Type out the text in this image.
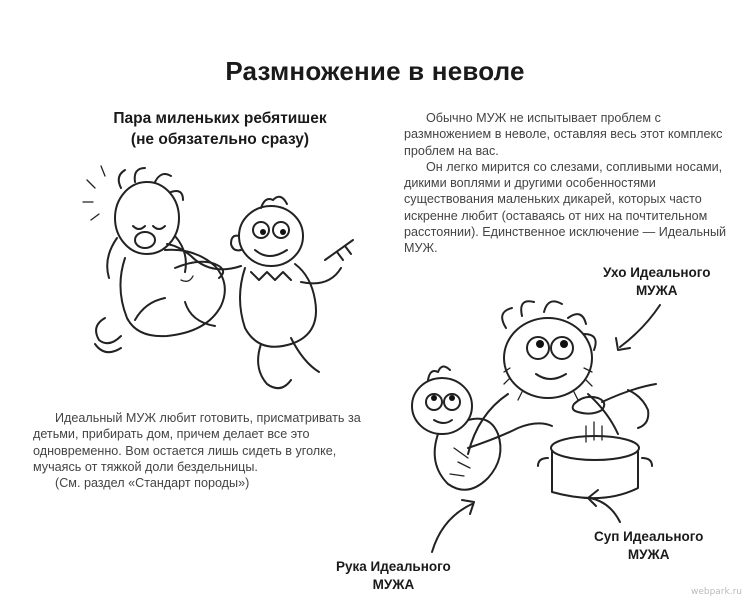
Размножение в неволе
Пара миленьких ребятишек
(не обязательно сразу)

Обычно МУЖ не испытывает проблем с
размножением в неволе, оставляя весь этот комплекс
проблем на вас.

Он легко мирится со слезами, сопливыми носами,
дикими воплями и другими особенностями
существования маленьких дикарей, которых часто
искренне любит (оставаясь от них на почтительном
расстоянии). Единственное исключение — Идеальный
МУЖ.

Идеальный МУЖ любит готовить, присматривать за
детьми, прибирать дом, причем делает все это
одновременно. Вом остается лишь сидеть в уголке,
мучаясь от тяжкой доли бездельницы.

(См. раздел «Стандарт породы»)

Ухо Идеального
МУЖА
Суп Идеального
МУЖА
Рука Идеального
МУЖА	webpark.ru
